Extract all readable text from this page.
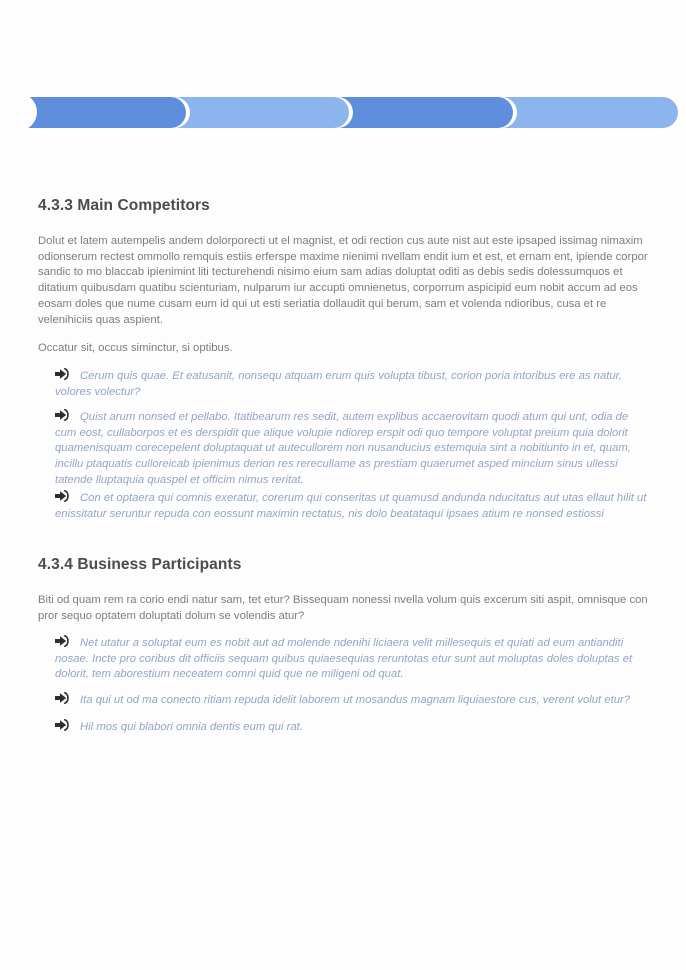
4.3.3 Main Competitors

Dolut et latem autempelis andem dolorporecti ut el magnist, et odi rection cus aute nist aut este ipsaped issimag nimaxim odionserum rectest ommollo remquis estiis erferspe maxime nienimi nvellam endit ium et est, et ernam ent, ipiende corpor sandic to mo blaccab ipienimint liti tecturehendi nisimo eium sam adias doluptat oditi as debis sedis dolessumquos et ditatium quibusdam quatibu scienturiam, nulparum iur accupti omnienetus, corporrum aspicipid eum nobit accum ad eos eosam doles que nume cusam eum id qui ut esti seriatia dollaudit qui berum, sam et volenda ndioribus, cusa et re velenihiciis quas aspient.

Occatur sit, occus siminctur, si optibus.

Cerum quis quae. Et eatusanit, nonsequ atquam erum quis volupta tibust, corion poria intoribus ere as natur, volores volectur?
Quist arum nonsed et pellabo. Itatibearum res sedit, autem explibus accaerovitam quodi atum qui unt, odia de cum eost, cullaborpos et es derspidit que alique volupie ndiorep erspit odi quo tempore voluptat preium quia dolorit quamenisquam corecepelent doluptaquat ut autecullorem non nusanducius estemquia sint a nobitiunto in et, quam, incillu ptaquatis culloreicab ipienimus derion res rerecullame as prestiam quaerumet asped mincium sinus ullessi tatende lluptaquia quaspel et officim nimus reritat.
Con et optaera qui comnis exeratur, corerum qui conseritas ut quamusd andunda nducitatus aut utas ellaut hilit ut enissitatur seruntur repuda con eossunt maximin rectatus, nis dolo beatataqui ipsaes atium re nonsed estiossi
4.3.4 Business Participants

Biti od quam rem ra corio endi natur sam, tet etur? Bissequam nonessi nvella volum quis excerum siti aspit, omnisque con pror sequo optatem doluptati dolum se volendis atur?

Net utatur a soluptat eum es nobit aut ad molende ndenihi liciaera velit millesequis et quiati ad eum antianditi nosae. Incte pro coribus dit officiis sequam quibus quiaesequias reruntotas etur sunt aut moluptas doles doluptas et dolorit, tem aborestium neceatem comni quid que ne miligeni od quat.
Ita qui ut od ma conecto ritiam repuda idelit laborem ut mosandus magnam liquiaestore cus, verent volut etur?
Hil mos qui blabori omnia dentis eum qui rat.
